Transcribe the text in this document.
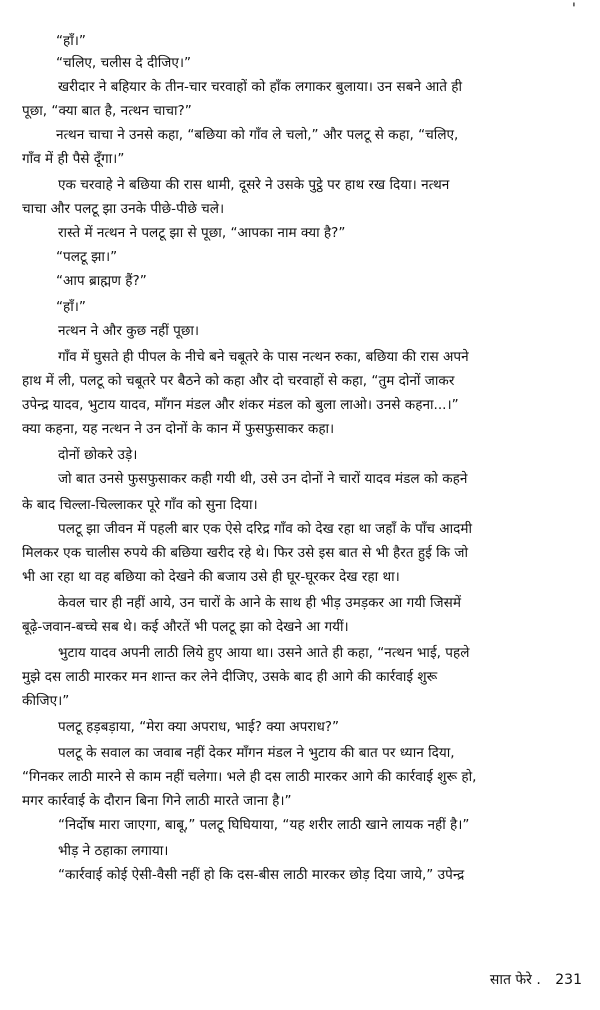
'
“हाँ।”
“चलिए, चलीस दे दीजिए।”
खरीदार ने बहियार के तीन-चार चरवाहों को हाँक लगाकर बुलाया। उन सबने आते ही
पूछा, “क्या बात है, नत्थन चाचा?”
नत्थन चाचा ने उनसे कहा, “बछिया को गाँव ले चलो,” और पलटू से कहा, “चलिए,
गाँव में ही पैसे दूँगा।”
एक चरवाहे ने बछिया की रास थामी, दूसरे ने उसके पुट्ठे पर हाथ रख दिया। नत्थन
चाचा और पलटू झा उनके पीछे-पीछे चले।
रास्ते में नत्थन ने पलटू झा से पूछा, “आपका नाम क्या है?”
“पलटू झा।”
“आप ब्राह्मण हैं?”
“हाँ।”
नत्थन ने और कुछ नहीं पूछा।
गाँव में घुसते ही पीपल के नीचे बने चबूतरे के पास नत्थन रुका, बछिया की रास अपने
हाथ में ली, पलटू को चबूतरे पर बैठने को कहा और दो चरवाहों से कहा, “तुम दोनों जाकर
उपेन्द्र यादव, भुटाय यादव, माँगन मंडल और शंकर मंडल को बुला लाओ। उनसे कहना...।”
क्या कहना, यह नत्थन ने उन दोनों के कान में फुसफुसाकर कहा।
दोनों छोकरे उड़े।
जो बात उनसे फुसफुसाकर कही गयी थी, उसे उन दोनों ने चारों यादव मंडल को कहने
के बाद चिल्ला-चिल्लाकर पूरे गाँव को सुना दिया।
पलटू झा जीवन में पहली बार एक ऐसे दरिद्र गाँव को देख रहा था जहाँ के पाँच आदमी
मिलकर एक चालीस रुपये की बछिया खरीद रहे थे। फिर उसे इस बात से भी हैरत हुई कि जो
भी आ रहा था वह बछिया को देखने की बजाय उसे ही घूर-घूरकर देख रहा था।
केवल चार ही नहीं आये, उन चारों के आने के साथ ही भीड़ उमड़कर आ गयी जिसमें
बूढ़े-जवान-बच्चे सब थे। कई औरतें भी पलटू झा को देखने आ गयीं।
भुटाय यादव अपनी लाठी लिये हुए आया था। उसने आते ही कहा, “नत्थन भाई, पहले
मुझे दस लाठी मारकर मन शान्त कर लेने दीजिए, उसके बाद ही आगे की कार्रवाई शुरू
कीजिए।”
पलटू हड़बड़ाया, “मेरा क्या अपराध, भाई? क्या अपराध?”
पलटू के सवाल का जवाब नहीं देकर माँगन मंडल ने भुटाय की बात पर ध्यान दिया,
“गिनकर लाठी मारने से काम नहीं चलेगा। भले ही दस लाठी मारकर आगे की कार्रवाई शुरू हो,
मगर कार्रवाई के दौरान बिना गिने लाठी मारते जाना है।”
“निर्दोष मारा जाएगा, बाबू,” पलटू घिघियाया, “यह शरीर लाठी खाने लायक नहीं है।”
भीड़ ने ठहाका लगाया।
“कार्रवाई कोई ऐसी-वैसी नहीं हो कि दस-बीस लाठी मारकर छोड़ दिया जाये,” उपेन्द्र
सात फेरे . 231
